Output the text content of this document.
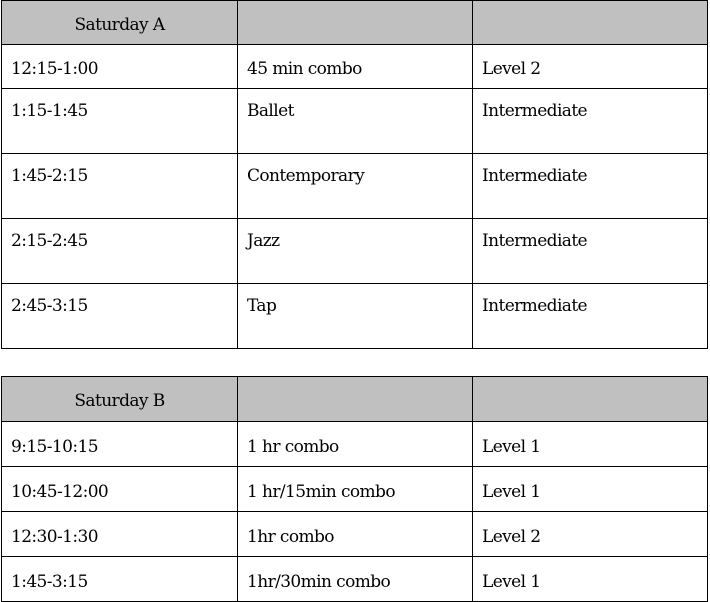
Saturday A		
12:15-1:00	45 min combo	Level 2
1:15-1:45	Ballet	Intermediate
1:45-2:15	Contemporary	Intermediate
2:15-2:45	Jazz	Intermediate
2:45-3:15	Tap	Intermediate
Saturday B		
9:15-10:15	1 hr combo	Level 1
10:45-12:00	1 hr/15min combo	Level 1
12:30-1:30	1hr combo	Level 2
1:45-3:15	1hr/30min combo	Level 1
